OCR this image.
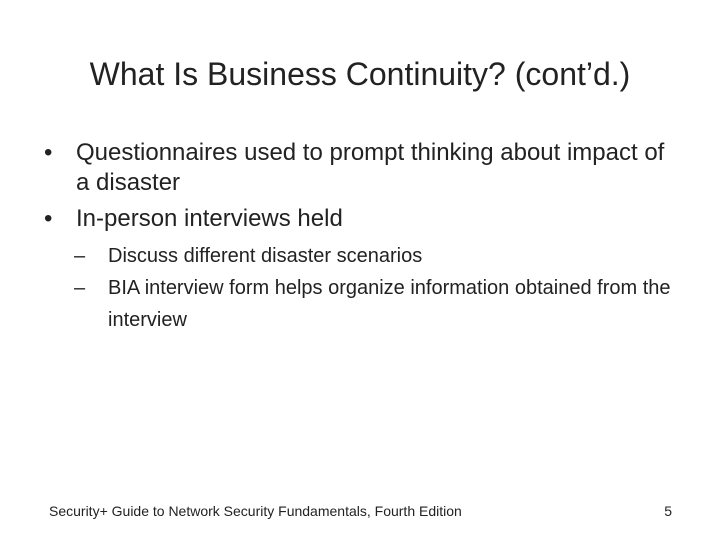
What Is Business Continuity? (cont’d.)
• Questionnaires used to prompt thinking about impact of a disaster
• In-person interviews held
–	Discuss different disaster scenarios
–	BIA interview form helps organize information obtained from the interview
Security+ Guide to Network Security Fundamentals, Fourth Edition	5
